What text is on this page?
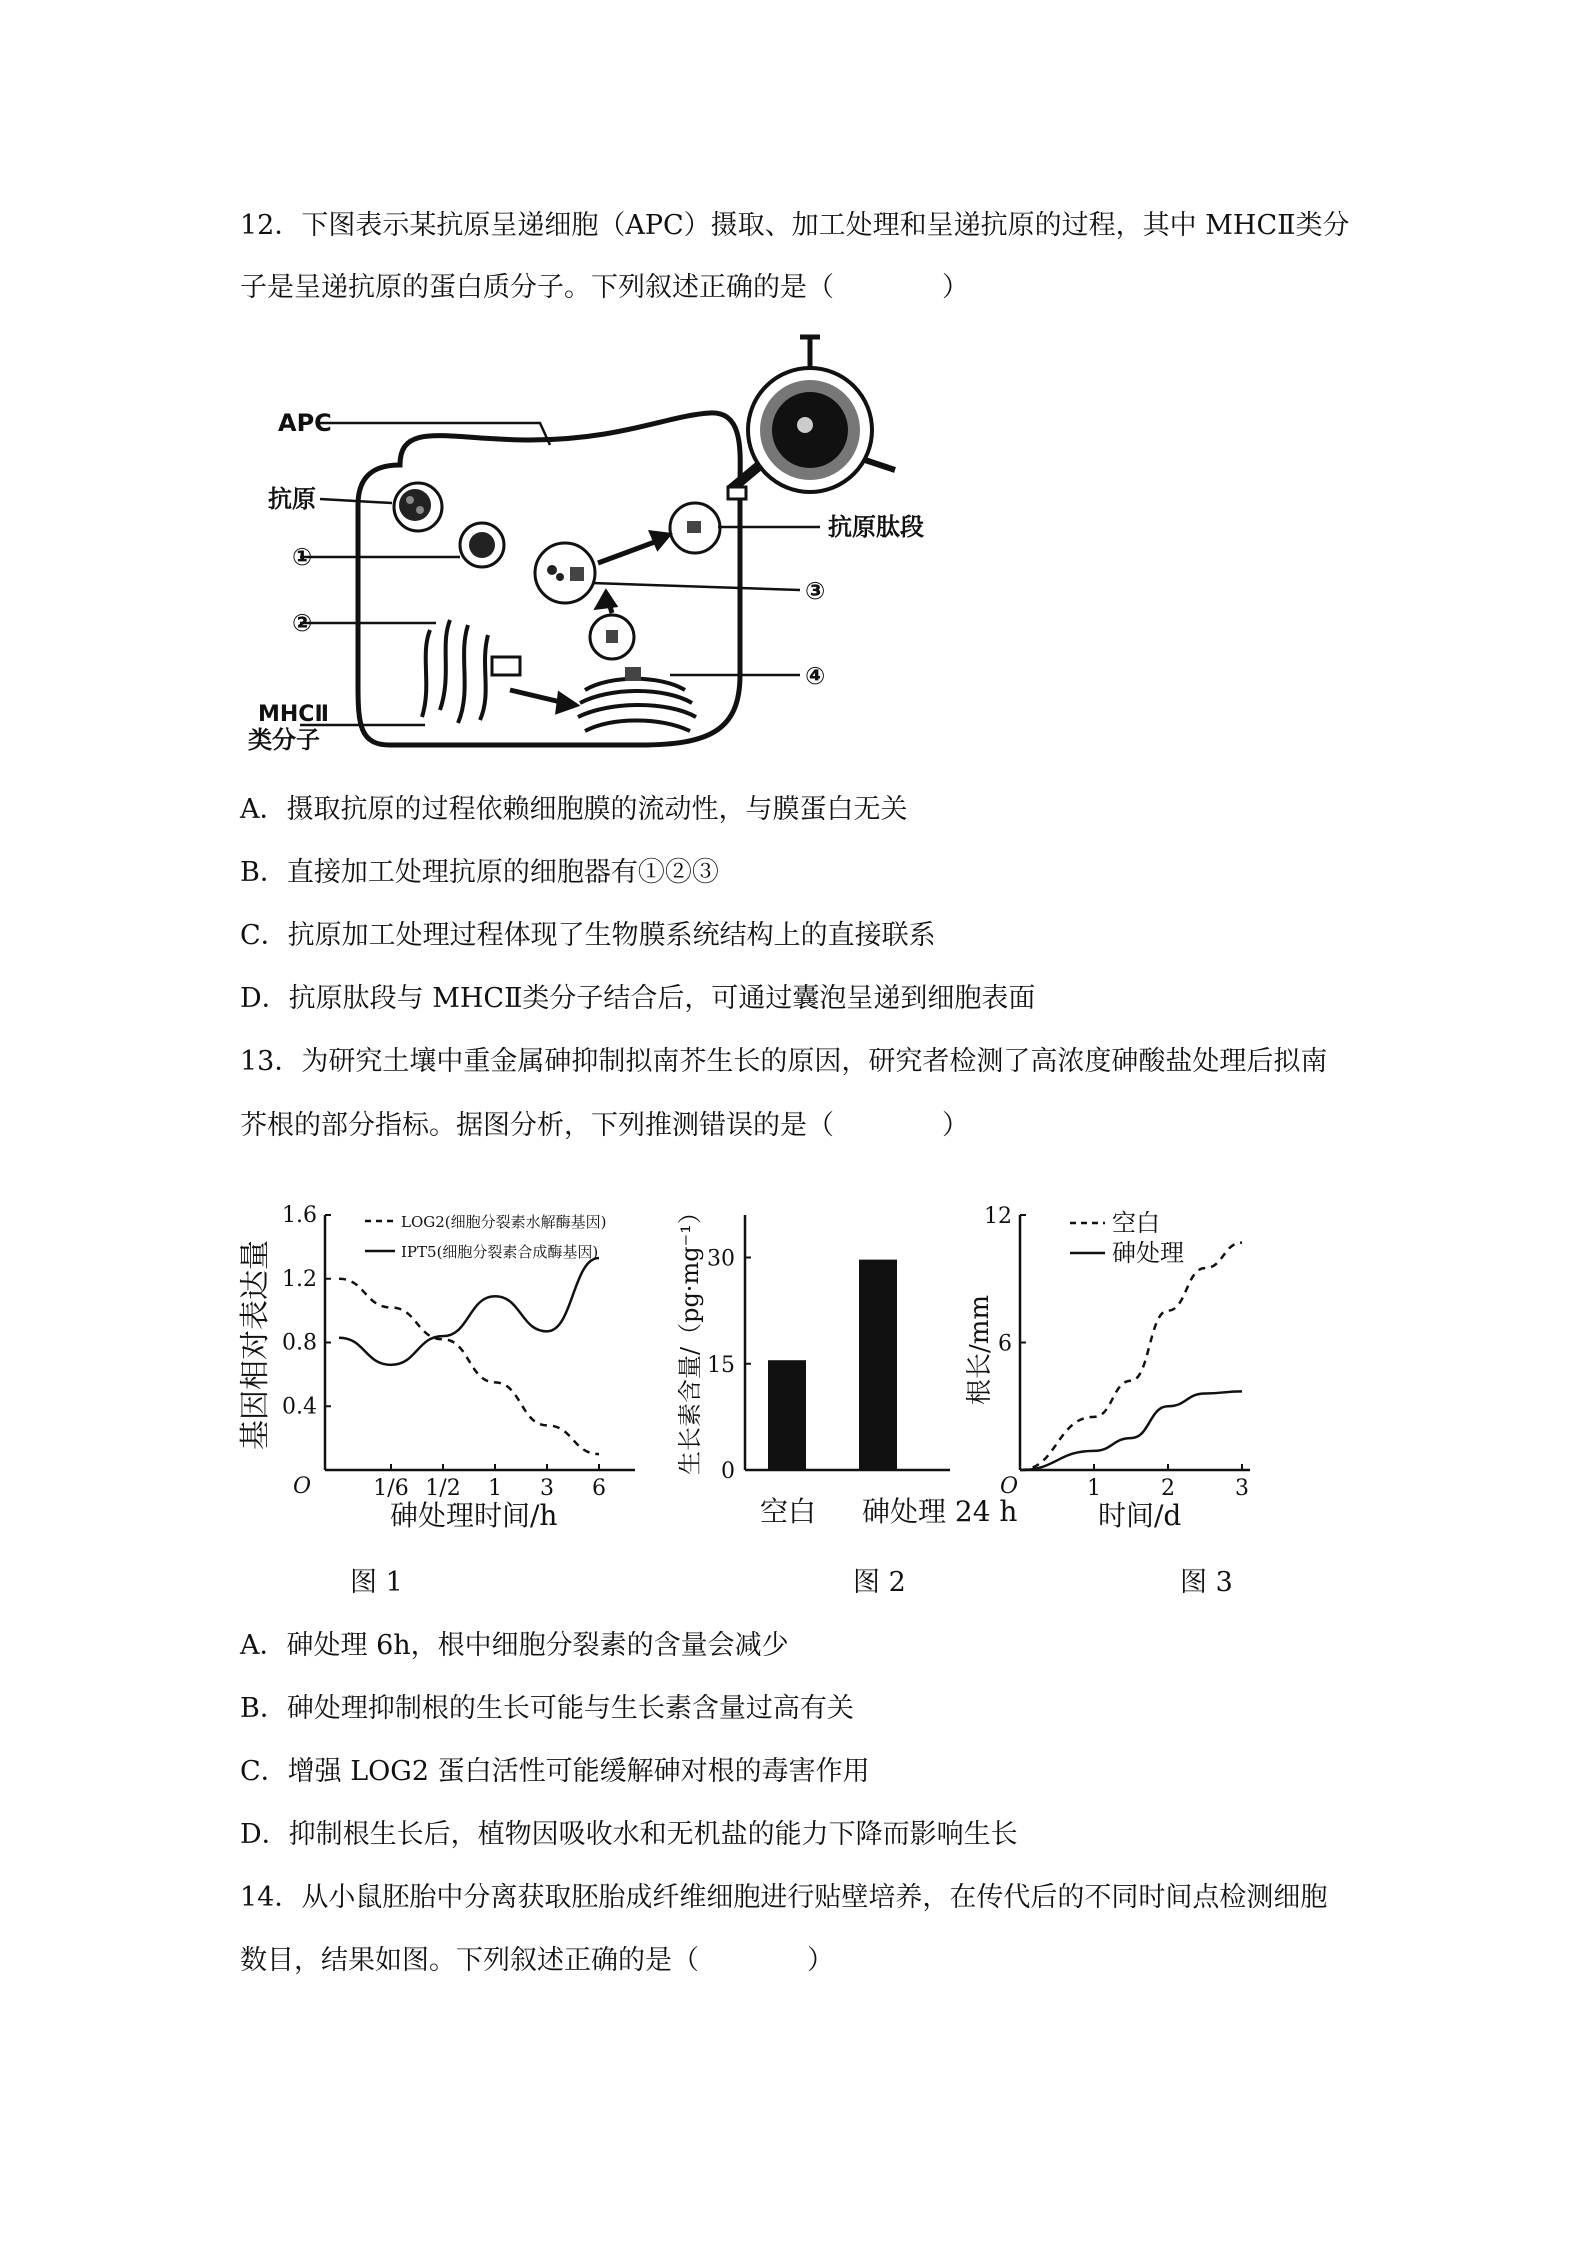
12．下图表示某抗原呈递细胞（APC）摄取、加工处理和呈递抗原的过程，其中 MHCⅡ类分
子是呈递抗原的蛋白质分子。下列叙述正确的是（　　　　）
APC
抗原
①
②
MHCⅡ
类分子
抗原肽段
③
④
A．摄取抗原的过程依赖细胞膜的流动性，与膜蛋白无关
B．直接加工处理抗原的细胞器有①②③
C．抗原加工处理过程体现了生物膜系统结构上的直接联系
D．抗原肽段与 MHCⅡ类分子结合后，可通过囊泡呈递到细胞表面
13．为研究土壤中重金属砷抑制拟南芥生长的原因，研究者检测了高浓度砷酸盐处理后拟南
芥根的部分指标。据图分析，下列推测错误的是（　　　　）
基因相对表达量
砷处理时间/h
O
0.4
0.8
1.2
1.6
1/6 1/2 1 3 6
LOG2(细胞分裂素水解酶基因)
IPT5(细胞分裂素合成酶基因)	生长素含量/（pg·mg⁻¹） 0
15
30
空白 砷处理 24 h
根长/mm
时间/d
O
6
12
1	2	3
空白
砷处理
图 1	图 2	图 3
A．砷处理 6h，根中细胞分裂素的含量会减少
B．砷处理抑制根的生长可能与生长素含量过高有关
C．增强 LOG2 蛋白活性可能缓解砷对根的毒害作用
D．抑制根生长后，植物因吸收水和无机盐的能力下降而影响生长
14．从小鼠胚胎中分离获取胚胎成纤维细胞进行贴壁培养，在传代后的不同时间点检测细胞
数目，结果如图。下列叙述正确的是（　　　　）
